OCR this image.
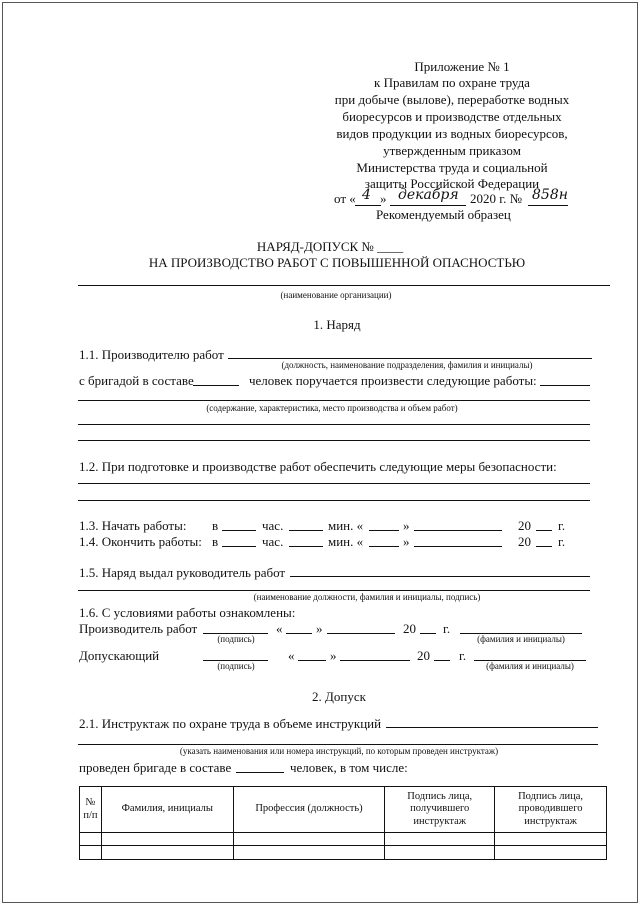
Приложение № 1
к Правилам по охране труда
при добыче (вылове), переработке водных
биоресурсов и производстве отдельных
видов продукции из водных биоресурсов,
утвержденным приказом
Министерства труда и социальной
защиты Российской Федерации
от « 4 » декабря 2020 г. № 858н
Рекомендуемый образец
НАРЯД-ДОПУСК № ____
НА ПРОИЗВОДСТВО РАБОТ С ПОВЫШЕННОЙ ОПАСНОСТЬЮ
(наименование организации)
1. Наряд
1.1. Производителю работ
(должность, наименование подразделения, фамилия и инициалы)
с бригадой в составе	человек поручается произвести следующие работы:
(содержание, характеристика, место производства и объем работ)
1.2. При подготовке и производстве работ обеспечить следующие меры безопасности:
1.3. Начать работы: в	час.	мин. «	»	20 г.
1.4. Окончить работы: в	час.	мин. «	»	20 г.
1.5. Наряд выдал руководитель работ
(наименование должности, фамилия и инициалы, подпись)
1.6. С условиями работы ознакомлены:
Производитель работ
(подпись)
«	»	20 г.
(фамилия и инициалы)
Допускающий
(подпись)
«	»	20 г.
(фамилия и инициалы)
2. Допуск
2.1. Инструктаж по охране труда в объеме инструкций
(указать наименования или номера инструкций, по которым проведен инструктаж)
проведен бригаде в составе	человек, в том числе:
№ п/п	Фамилия, инициалы	Профессия (должность)	Подпись лица, получившего инструктаж	Подпись лица, проводившего инструктаж
